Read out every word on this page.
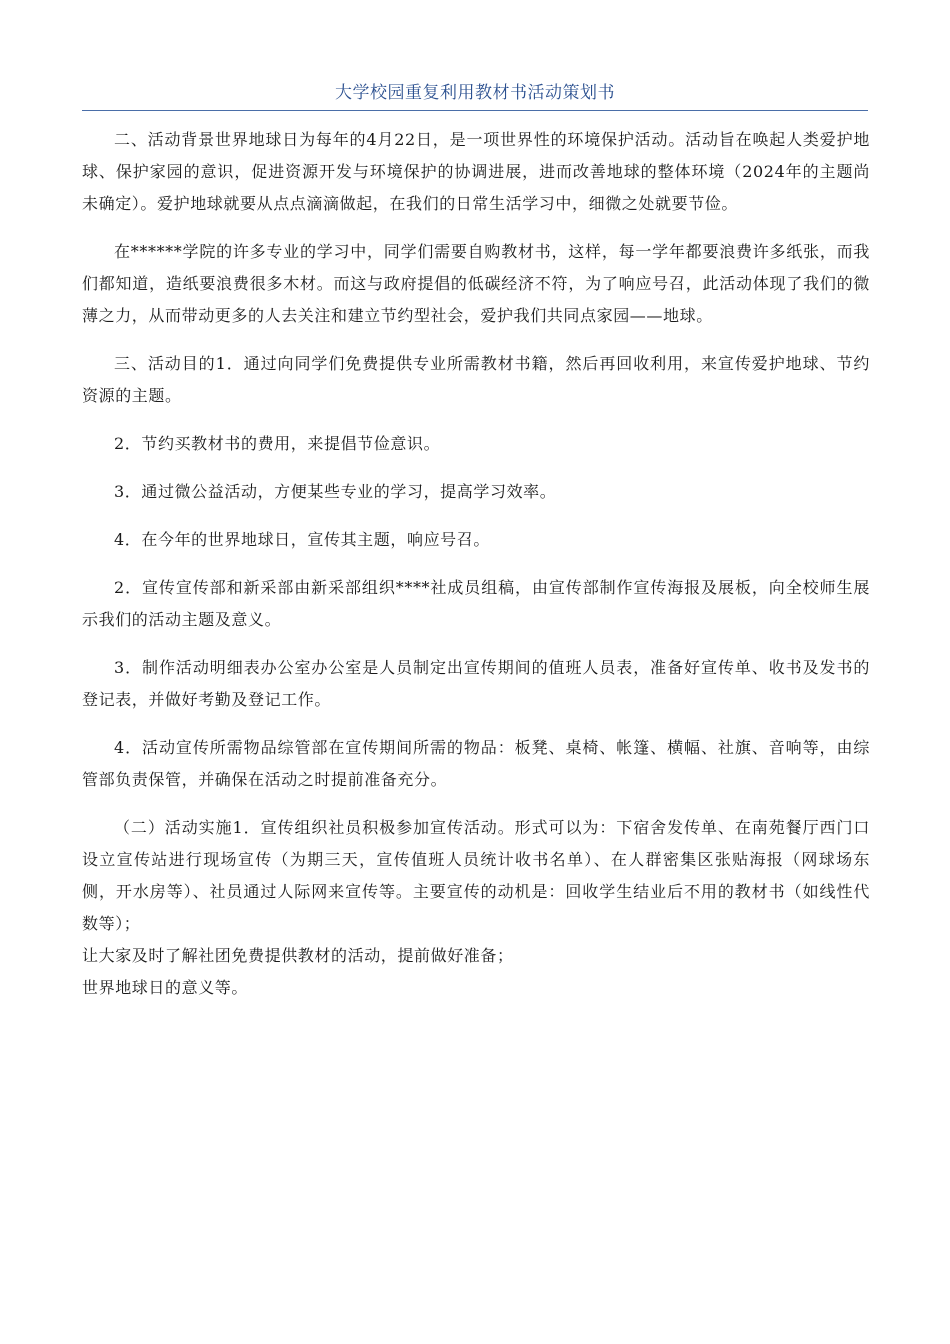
大学校园重复利用教材书活动策划书

二、活动背景世界地球日为每年的4月22日，是一项世界性的环境保护活动。活动旨在唤起人类爱护地球、保护家园的意识，促进资源开发与环境保护的协调进展，进而改善地球的整体环境（2024年的主题尚未确定）。爱护地球就要从点点滴滴做起，在我们的日常生活学习中，细微之处就要节俭。

在******学院的许多专业的学习中，同学们需要自购教材书，这样，每一学年都要浪费许多纸张，而我们都知道，造纸要浪费很多木材。而这与政府提倡的低碳经济不符，为了响应号召，此活动体现了我们的微薄之力，从而带动更多的人去关注和建立节约型社会，爱护我们共同点家园——地球。

三、活动目的1．通过向同学们免费提供专业所需教材书籍，然后再回收利用，来宣传爱护地球、节约资源的主题。

2．节约买教材书的费用，来提倡节俭意识。

3．通过微公益活动，方便某些专业的学习，提高学习效率。

4．在今年的世界地球日，宣传其主题，响应号召。

2．宣传宣传部和新采部由新采部组织****社成员组稿，由宣传部制作宣传海报及展板，向全校师生展示我们的活动主题及意义。

3．制作活动明细表办公室办公室是人员制定出宣传期间的值班人员表，准备好宣传单、收书及发书的登记表，并做好考勤及登记工作。

4．活动宣传所需物品综管部在宣传期间所需的物品：板凳、桌椅、帐篷、横幅、社旗、音响等，由综管部负责保管，并确保在活动之时提前准备充分。

（二）活动实施1．宣传组织社员积极参加宣传活动。形式可以为：下宿舍发传单、在南苑餐厅西门口设立宣传站进行现场宣传（为期三天，宣传值班人员统计收书名单）、在人群密集区张贴海报（网球场东侧，开水房等）、社员通过人际网来宣传等。主要宣传的动机是：回收学生结业后不用的教材书（如线性代数等）；

让大家及时了解社团免费提供教材的活动，提前做好准备；

世界地球日的意义等。
